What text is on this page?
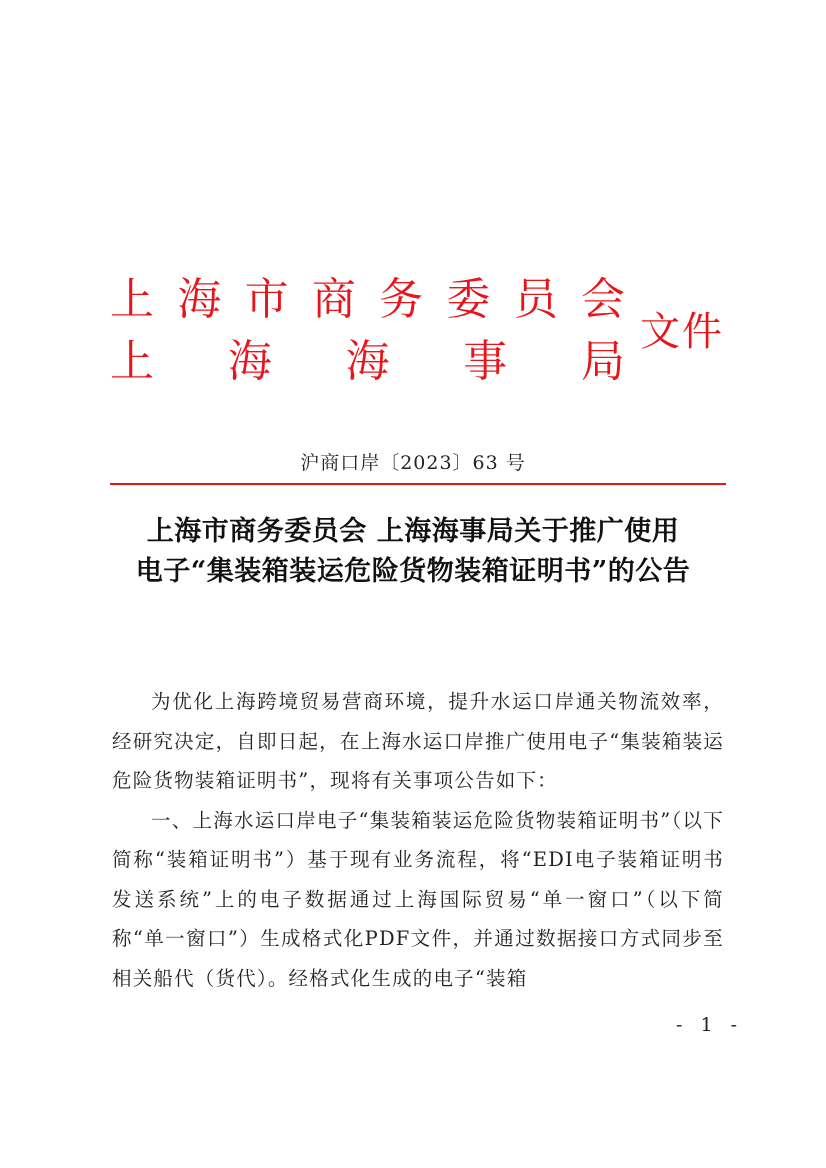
上 海 市 商 务 委 员 会
上 海 海 事 局
文件
沪商口岸〔2023〕63 号
上海市商务委员会 上海海事局关于推广使用
电子“集装箱装运危险货物装箱证明书”的公告

为优化上海跨境贸易营商环境，提升水运口岸通关物流效率，经研究决定，自即日起，在上海水运口岸推广使用电子“集装箱装运危险货物装箱证明书”，现将有关事项公告如下：

一、上海水运口岸电子“集装箱装运危险货物装箱证明书”（以下简称“装箱证明书”）基于现有业务流程，将“EDI电子装箱证明书发送系统”上的电子数据通过上海国际贸易“单一窗口”（以下简称“单一窗口”）生成格式化PDF文件，并通过数据接口方式同步至相关船代（货代）。经格式化生成的电子“装箱

- 1 -
